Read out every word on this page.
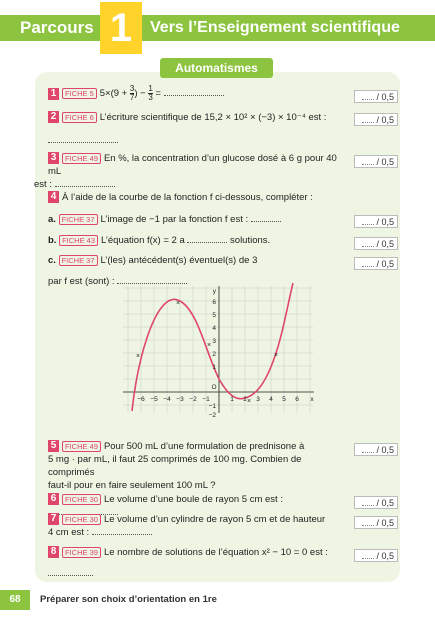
Parcours 1	Vers l’Enseignement scientifique
Automatismes
1 FICHE 5 $5\times(9 + \frac{3}{7}$ ) − $\frac{1}{3}$ =	/ 0,5
2 FICHE 6 L’écriture scientifique de 15,2 × 10² × (−3) × 10⁻⁴ est :	/ 0,5
3 FICHE 49 En %, la concentration d’un glucose dosé à 6 g pour 40 mL
est :
/ 0,5
4 À l’aide de la courbe de la fonction f ci-dessous, compléter :
a. FICHE 37 L’image de −1 par la fonction f est :	/ 0,5
b. FICHE 43 L’équation f(x) = 2 a	solutions.	/ 0,5
c. FICHE 37 L’(les) antécédent(s) éventuel(s) de 3
par f est (sont) :
/ 0,5
×
×
×
×
×
−6 −5 −4 −3 −2 −1
O
1 2 3 4 5 6 x
y
6
5
4
3
2
1
−1
−2
5 FICHE 49 Pour 500 mL d’une formulation de prednisone à
5 mg · par mL, il faut 25 comprimés de 100 mg. Combien de comprimés
faut-il pour en faire seulement 100 mL ?
/ 0,5
6 FICHE 30 Le volume d’une boule de rayon 5 cm est :	/ 0,5
7 FICHE 30 Le volume d’un cylindre de rayon 5 cm et de hauteur
4 cm est :
/ 0,5
8 FICHE 39 Le nombre de solutions de l’équation x² − 10 = 0 est :	/ 0,5
68	Préparer son choix d’orientation en 1re
